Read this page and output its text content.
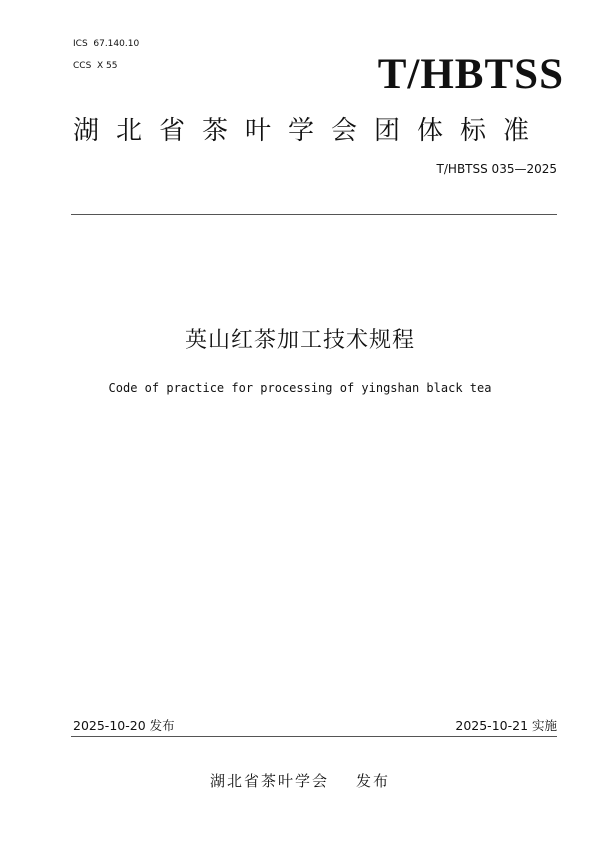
ICS  67.140.10
CCS  X 55	T/HBTSS
湖北省茶叶学会团体标准
T/HBTSS 035—2025
英山红茶加工技术规程
Code of practice for processing of yingshan black tea
2025-10-20 发布	2025-10-21 实施
湖北省茶叶学会    发布
